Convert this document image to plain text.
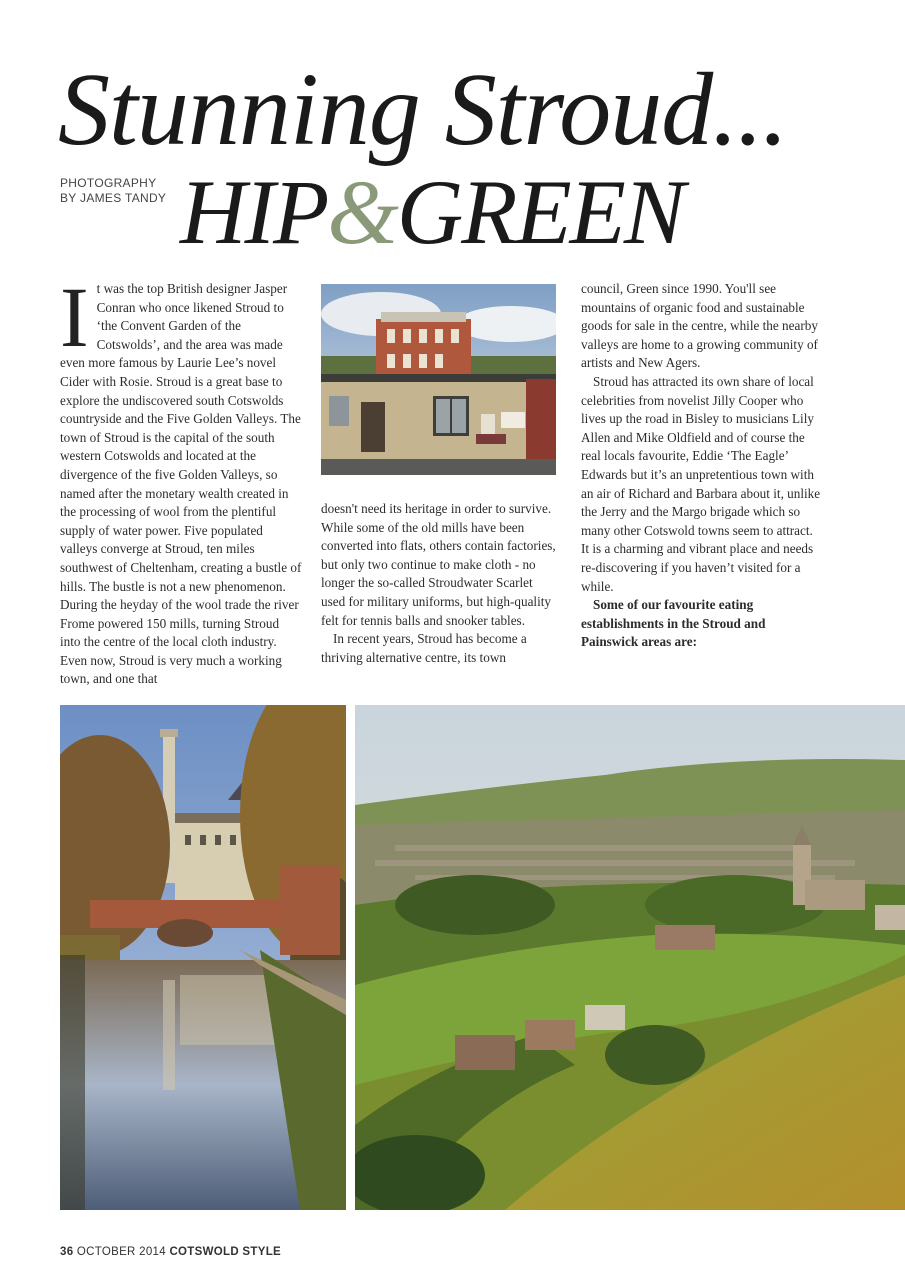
Stunning Stroud...
PHOTOGRAPHY
BY JAMES TANDY HIP&GREEN

It was the top British designer Jasper Conran who once likened Stroud to ‘the Convent Garden of the Cotswolds’, and the area was made even more famous by Laurie Lee’s novel Cider with Rosie. Stroud is a great base to explore the undiscovered south Cotswolds countryside and the Five Golden Valleys. The town of Stroud is the capital of the south western Cotswolds and located at the divergence of the five Golden Valleys, so named after the monetary wealth created in the processing of wool from the plentiful supply of water power. Five populated valleys converge at Stroud, ten miles southwest of Cheltenham, creating a bustle of hills. The bustle is not a new phenomenon. During the heyday of the wool trade the river Frome powered 150 mills, turning Stroud into the centre of the local cloth industry. Even now, Stroud is very much a working town, and one that

doesn't need its heritage in order to survive. While some of the old mills have been converted into flats, others contain factories, but only two continue to make cloth - no longer the so-called Stroudwater Scarlet used for military uniforms, but high-quality felt for tennis balls and snooker tables.

In recent years, Stroud has become a thriving alternative centre, its town

council, Green since 1990. You'll see mountains of organic food and sustainable goods for sale in the centre, while the nearby valleys are home to a growing community of artists and New Agers.

Stroud has attracted its own share of local celebrities from novelist Jilly Cooper who lives up the road in Bisley to musicians Lily Allen and Mike Oldfield and of course the real locals favourite, Eddie ‘The Eagle’ Edwards but it’s an unpretentious town with an air of Richard and Barbara about it, unlike the Jerry and the Margo brigade which so many other Cotswold towns seem to attract. It is a charming and vibrant place and needs re-discovering if you haven’t visited for a while.

Some of our favourite eating establishments in the Stroud and Painswick areas are:

36 OCTOBER 2014 COTSWOLD STYLE
